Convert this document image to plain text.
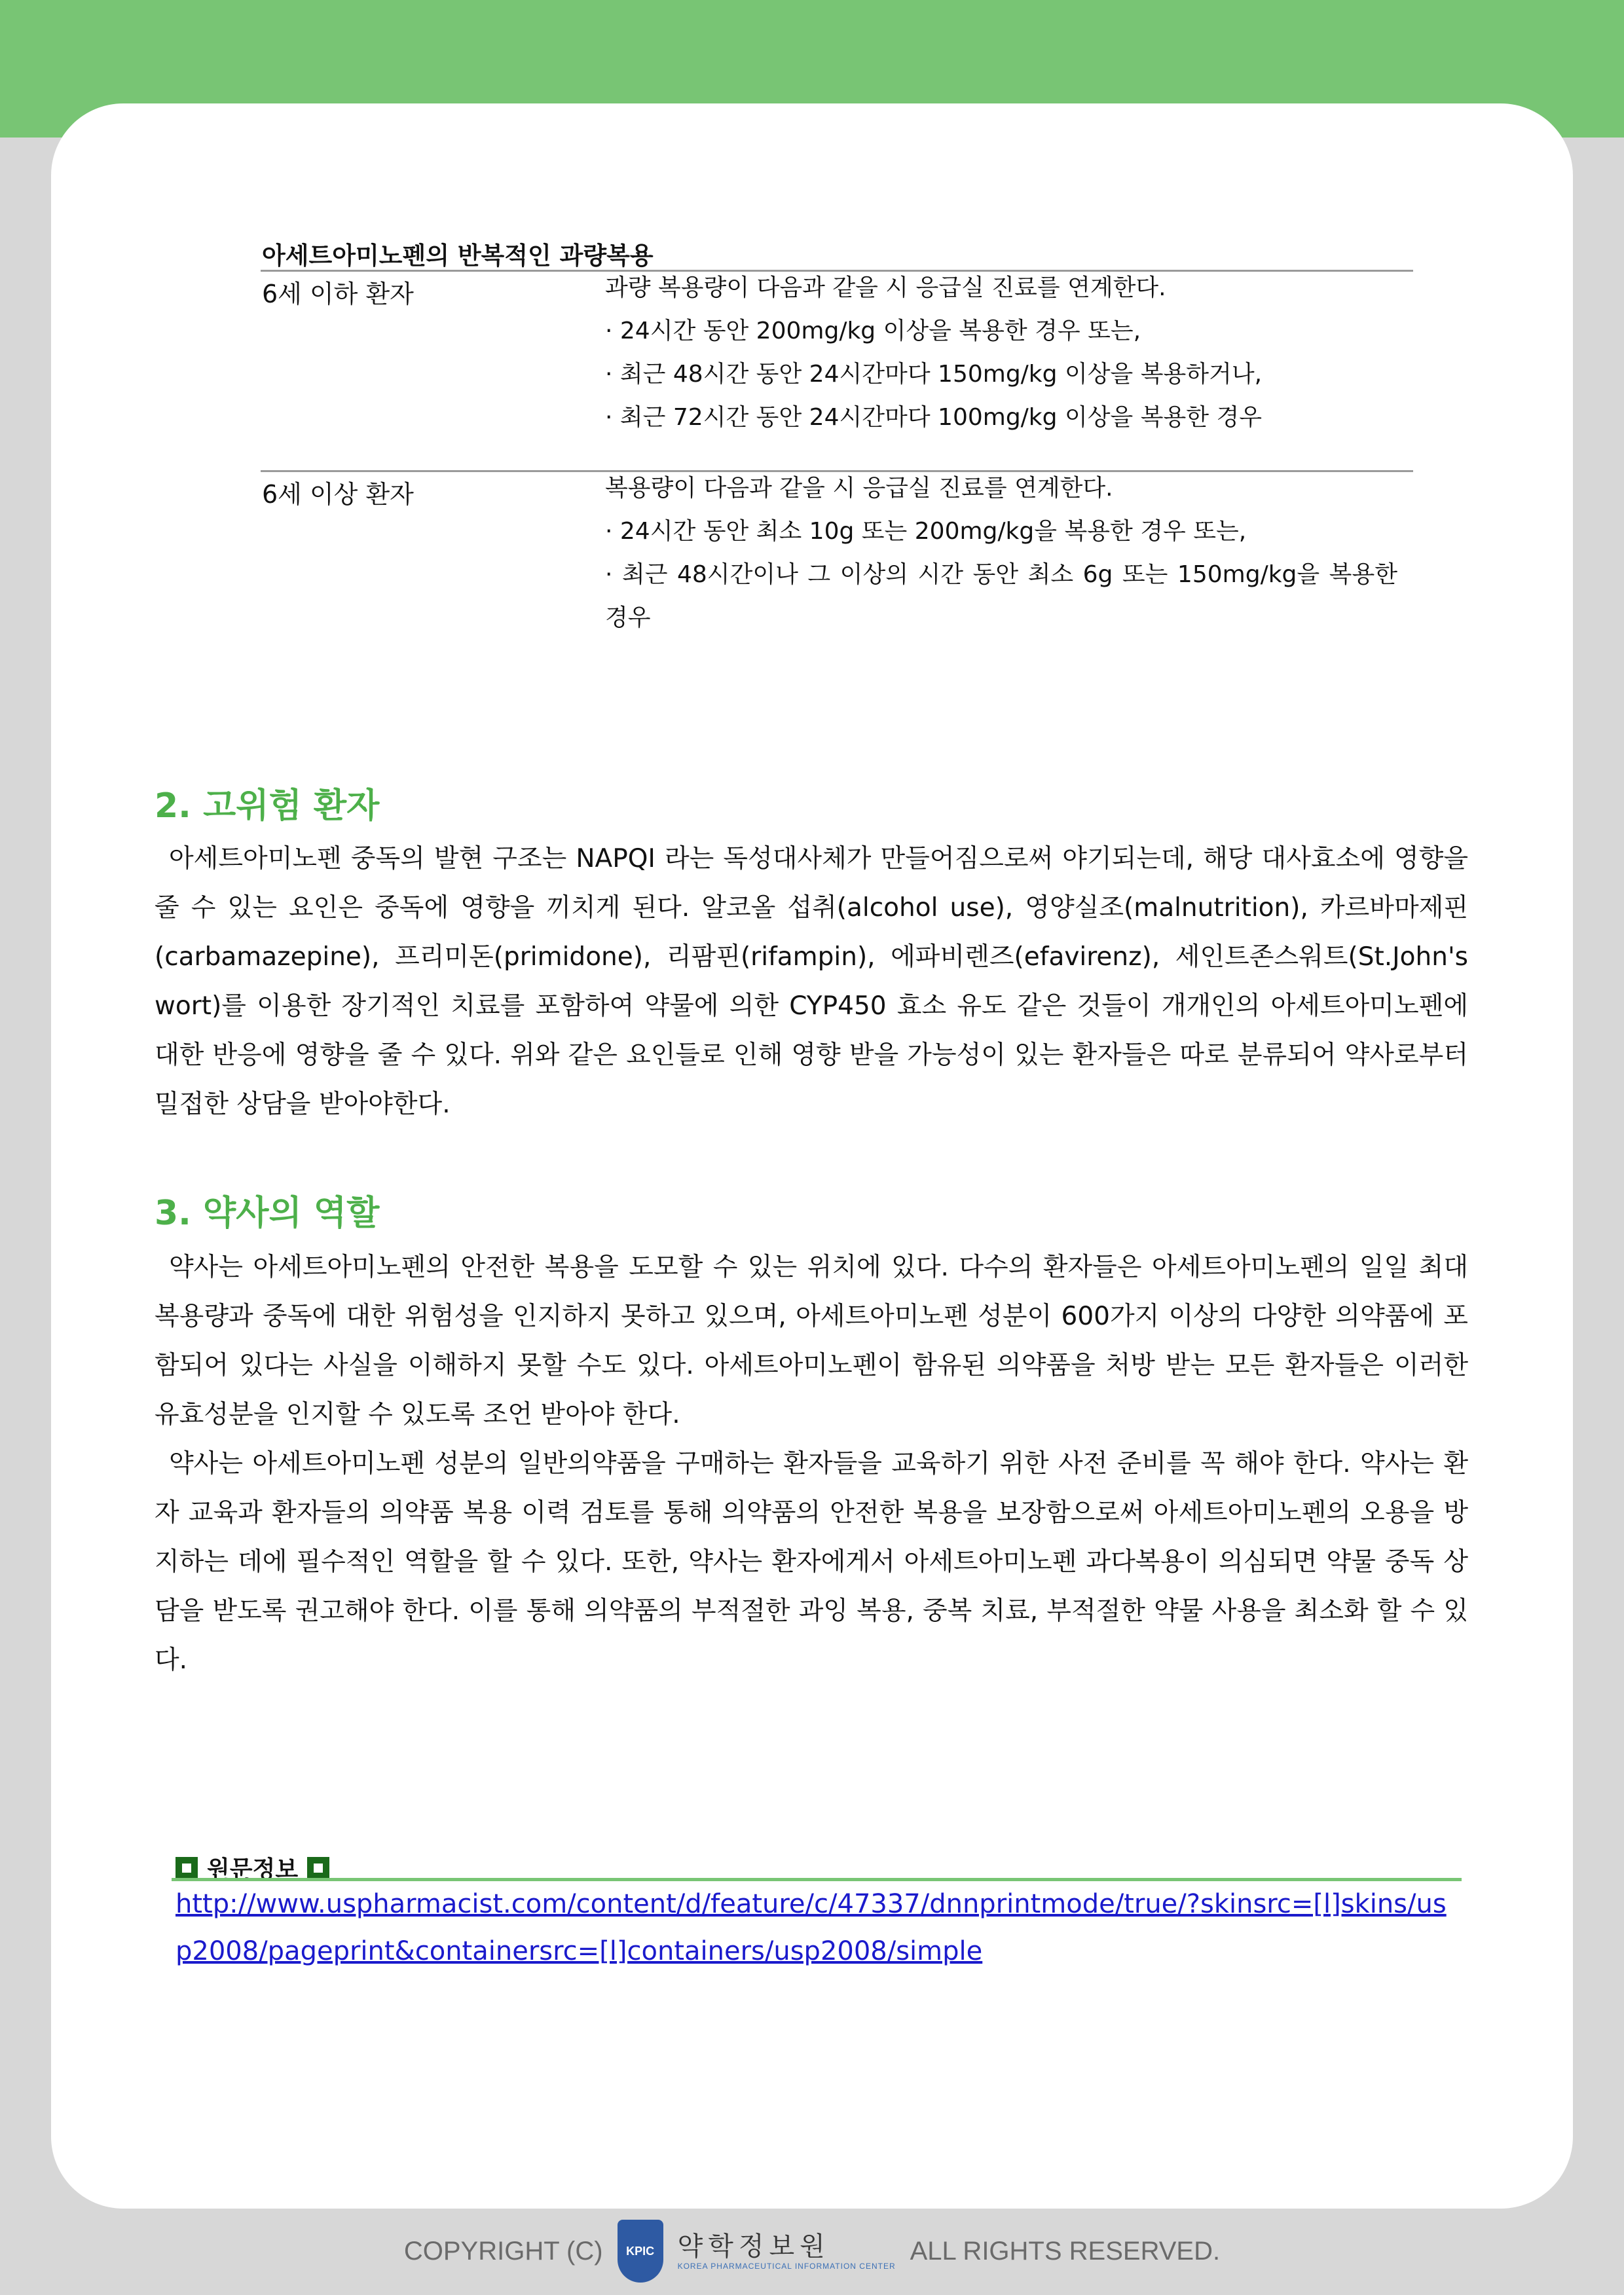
아세트아미노펜의 반복적인 과량복용
6세 이하 환자	과량 복용량이 다음과 같을 시 응급실 진료를 연계한다.
· 24시간 동안 200mg/kg 이상을 복용한 경우 또는,
· 최근 48시간 동안 24시간마다 150mg/kg 이상을 복용하거나,
· 최근 72시간 동안 24시간마다 100mg/kg 이상을 복용한 경우
6세 이상 환자	복용량이 다음과 같을 시 응급실 진료를 연계한다.
· 24시간 동안 최소 10g 또는 200mg/kg을 복용한 경우 또는,
· 최근 48시간이나 그 이상의 시간 동안 최소 6g 또는 150mg/kg을 복용한 경우
2. 고위험 환자
아세트아미노펜 중독의 발현 구조는 NAPQI 라는 독성대사체가 만들어짐으로써 야기되는데, 해당 대사효소에 영향을 줄 수 있는 요인은 중독에 영향을 끼치게 된다. 알코올 섭취(alcohol use), 영양실조(malnutrition), 카르바마제핀(carbamazepine), 프리미돈(primidone), 리팜핀(rifampin), 에파비렌즈(efavirenz), 세인트존스워트(St.John's wort)를 이용한 장기적인 치료를 포함하여 약물에 의한 CYP450 효소 유도 같은 것들이 개개인의 아세트아미노펜에 대한 반응에 영향을 줄 수 있다. 위와 같은 요인들로 인해 영향 받을 가능성이 있는 환자들은 따로 분류되어 약사로부터 밀접한 상담을 받아야한다.
3. 약사의 역할
약사는 아세트아미노펜의 안전한 복용을 도모할 수 있는 위치에 있다. 다수의 환자들은 아세트아미노펜의 일일 최대 복용량과 중독에 대한 위험성을 인지하지 못하고 있으며, 아세트아미노펜 성분이 600가지 이상의 다양한 의약품에 포함되어 있다는 사실을 이해하지 못할 수도 있다. 아세트아미노펜이 함유된 의약품을 처방 받는 모든 환자들은 이러한 유효성분을 인지할 수 있도록 조언 받아야 한다.
약사는 아세트아미노펜 성분의 일반의약품을 구매하는 환자들을 교육하기 위한 사전 준비를 꼭 해야 한다. 약사는 환자 교육과 환자들의 의약품 복용 이력 검토를 통해 의약품의 안전한 복용을 보장함으로써 아세트아미노펜의 오용을 방지하는 데에 필수적인 역할을 할 수 있다. 또한, 약사는 환자에게서 아세트아미노펜 과다복용이 의심되면 약물 중독 상담을 받도록 권고해야 한다. 이를 통해 의약품의 부적절한 과잉 복용, 중복 치료, 부적절한 약물 사용을 최소화 할 수 있다.
원문정보
http://www.uspharmacist.com/content/d/feature/c/47337/dnnprintmode/true/?skinsrc=[l]skins/usp2008/pageprint&containersrc=[l]containers/usp2008/simple
COPYRIGHT (C)	KPIC 약학정보원
KOREA PHARMACEUTICAL INFORMATION CENTER
ALL RIGHTS RESERVED.
